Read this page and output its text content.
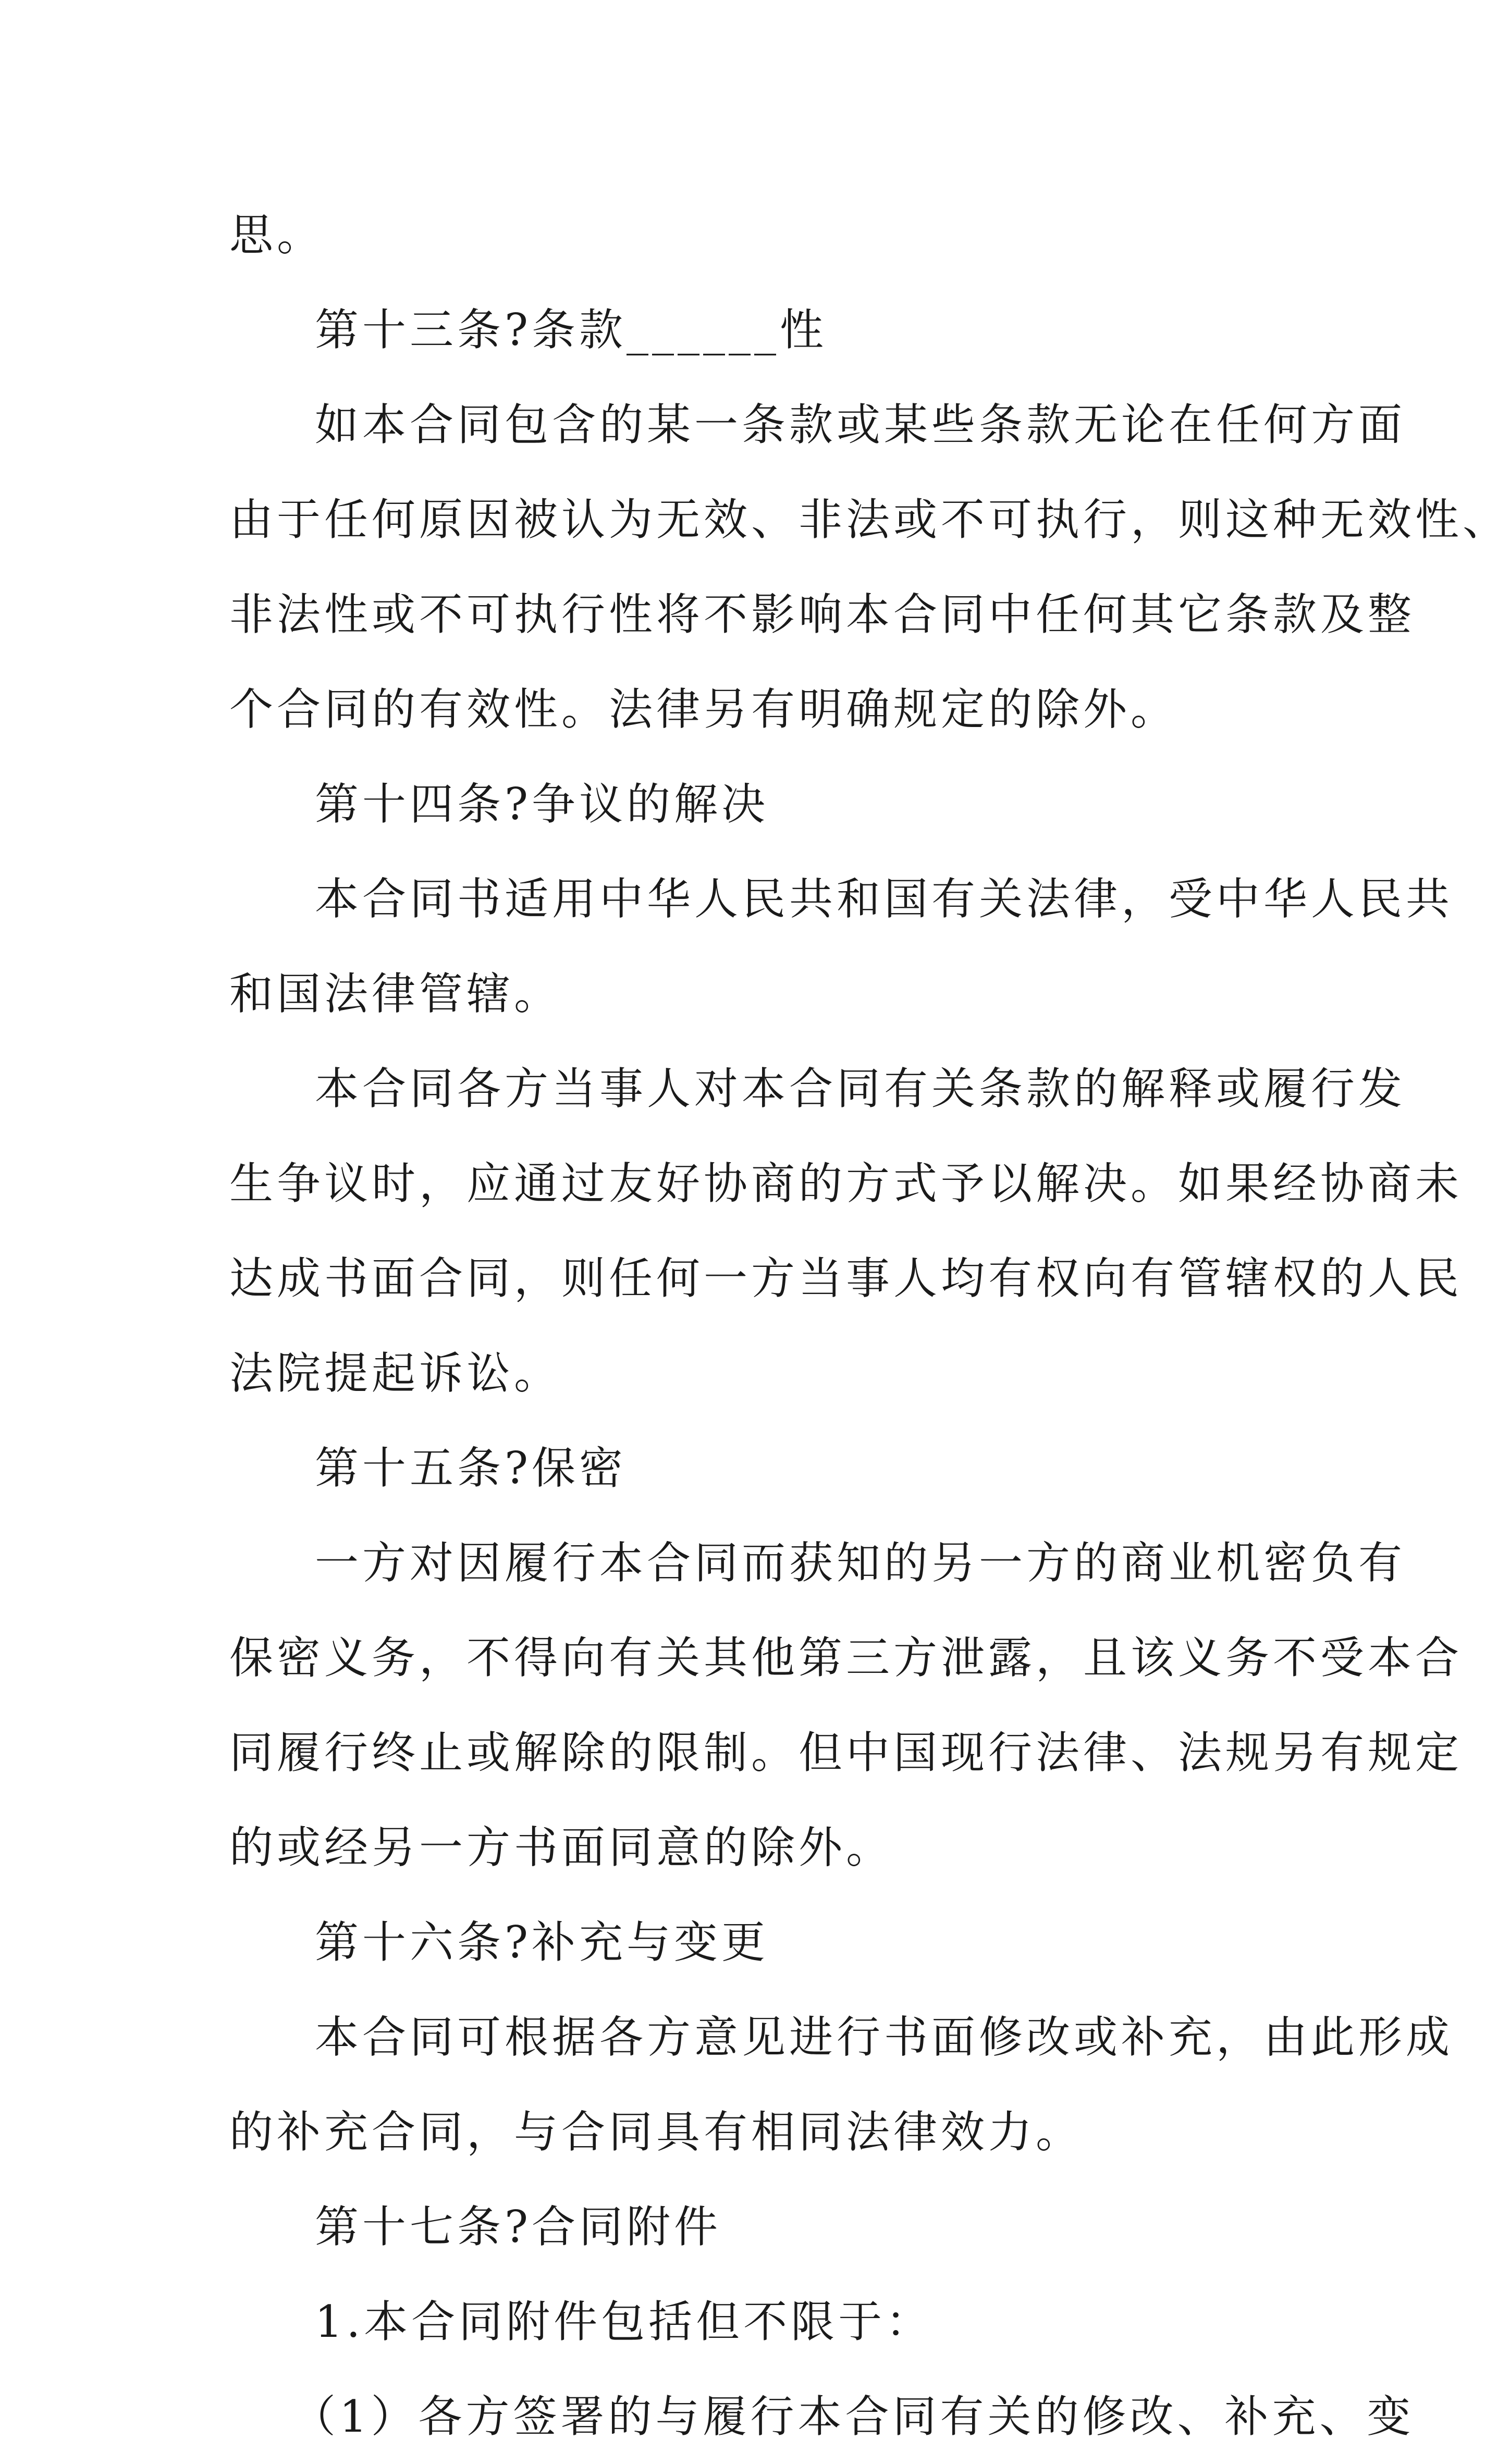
思。
第十三条?条款______性
如本合同包含的某一条款或某些条款无论在任何方面
由于任何原因被认为无效、非法或不可执行，则这种无效性、
非法性或不可执行性将不影响本合同中任何其它条款及整
个合同的有效性。法律另有明确规定的除外。
第十四条?争议的解决
本合同书适用中华人民共和国有关法律，受中华人民共
和国法律管辖。
本合同各方当事人对本合同有关条款的解释或履行发
生争议时，应通过友好协商的方式予以解决。如果经协商未
达成书面合同，则任何一方当事人均有权向有管辖权的人民
法院提起诉讼。
第十五条?保密
一方对因履行本合同而获知的另一方的商业机密负有
保密义务，不得向有关其他第三方泄露，且该义务不受本合
同履行终止或解除的限制。但中国现行法律、法规另有规定
的或经另一方书面同意的除外。
第十六条?补充与变更
本合同可根据各方意见进行书面修改或补充，由此形成
的补充合同，与合同具有相同法律效力。
第十七条?合同附件
1.本合同附件包括但不限于：
（1）各方签署的与履行本合同有关的修改、补充、变
